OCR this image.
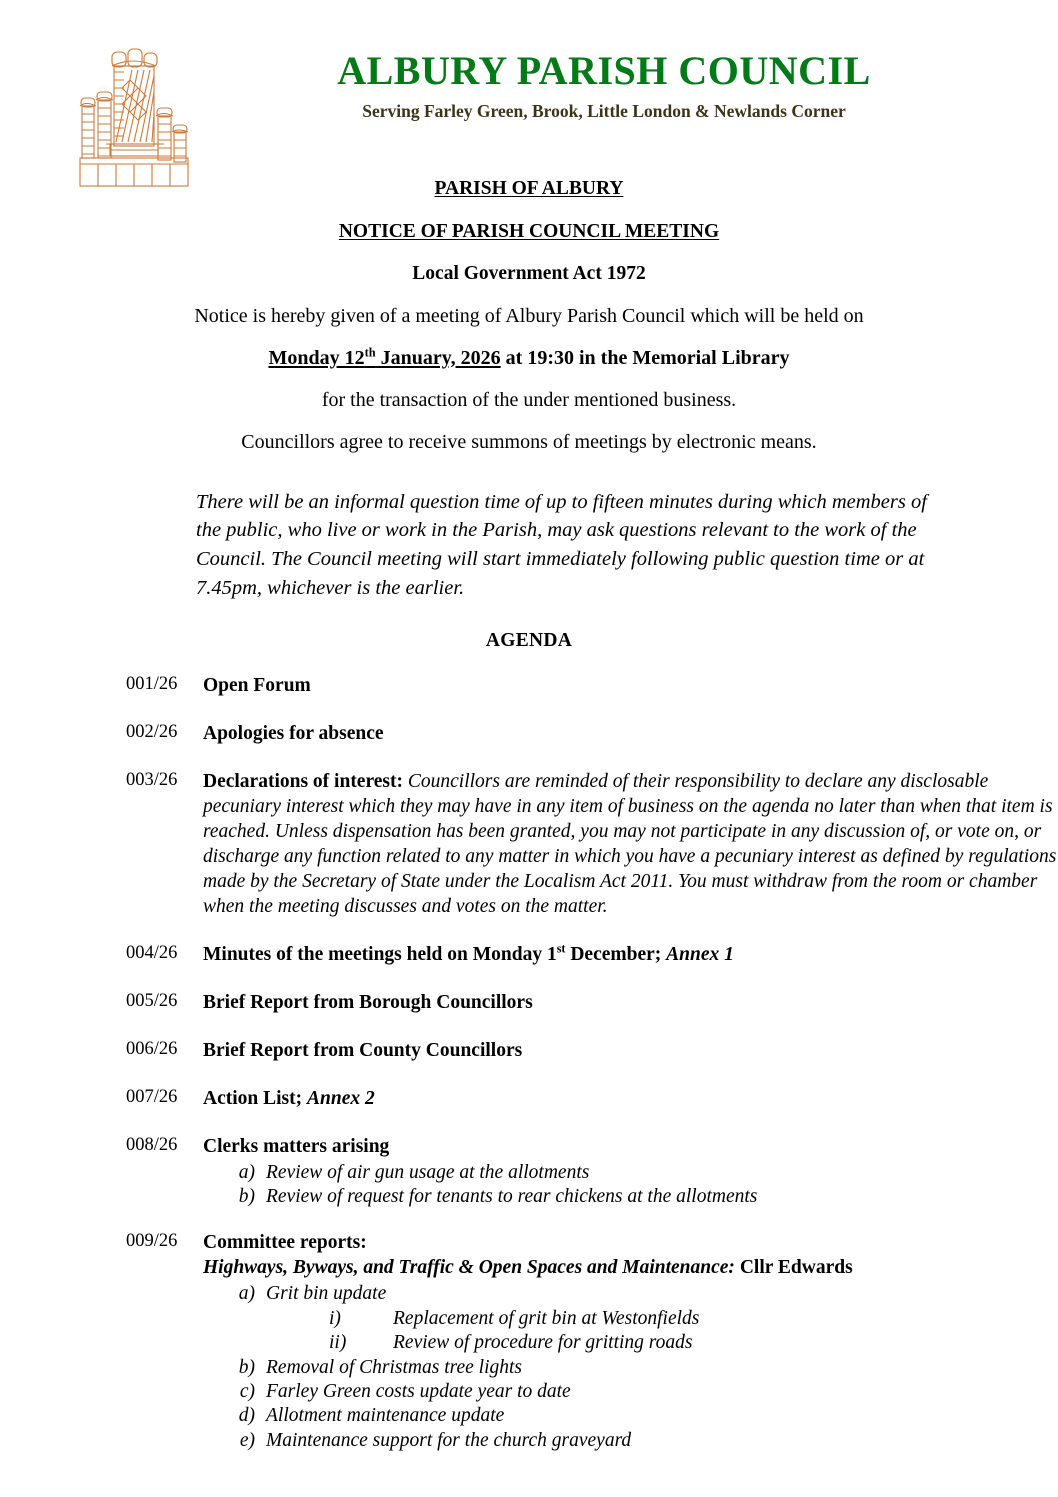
ALBURY PARISH COUNCIL
Serving Farley Green, Brook, Little London & Newlands Corner
PARISH OF ALBURY
NOTICE OF PARISH COUNCIL MEETING
Local Government Act 1972
Notice is hereby given of a meeting of Albury Parish Council which will be held on
Monday 12th January, 2026 at 19:30 in the Memorial Library
for the transaction of the under mentioned business.
Councillors agree to receive summons of meetings by electronic means.
There will be an informal question time of up to fifteen minutes during which members of the public, who live or work in the Parish, may ask questions relevant to the work of the Council. The Council meeting will start immediately following public question time or at 7.45pm, whichever is the earlier.
AGENDA
001/26 Open Forum
002/26 Apologies for absence
003/26 Declarations of interest: Councillors are reminded of their responsibility to declare any disclosable pecuniary interest which they may have in any item of business on the agenda no later than when that item is reached. Unless dispensation has been granted, you may not participate in any discussion of, or vote on, or discharge any function related to any matter in which you have a pecuniary interest as defined by regulations made by the Secretary of State under the Localism Act 2011. You must withdraw from the room or chamber when the meeting discusses and votes on the matter.
004/26 Minutes of the meetings held on Monday 1st December; Annex 1
005/26 Brief Report from Borough Councillors
006/26 Brief Report from County Councillors
007/26 Action List; Annex 2
008/26 Clerks matters arising
a) Review of air gun usage at the allotments
b) Review of request for tenants to rear chickens at the allotments
009/26 Committee reports:
Highways, Byways, and Traffic & Open Spaces and Maintenance: Cllr Edwards
a) Grit bin update
i)	Replacement of grit bin at Westonfields
ii)	Review of procedure for gritting roads
b) Removal of Christmas tree lights
c) Farley Green costs update year to date
d) Allotment maintenance update
e) Maintenance support for the church graveyard
